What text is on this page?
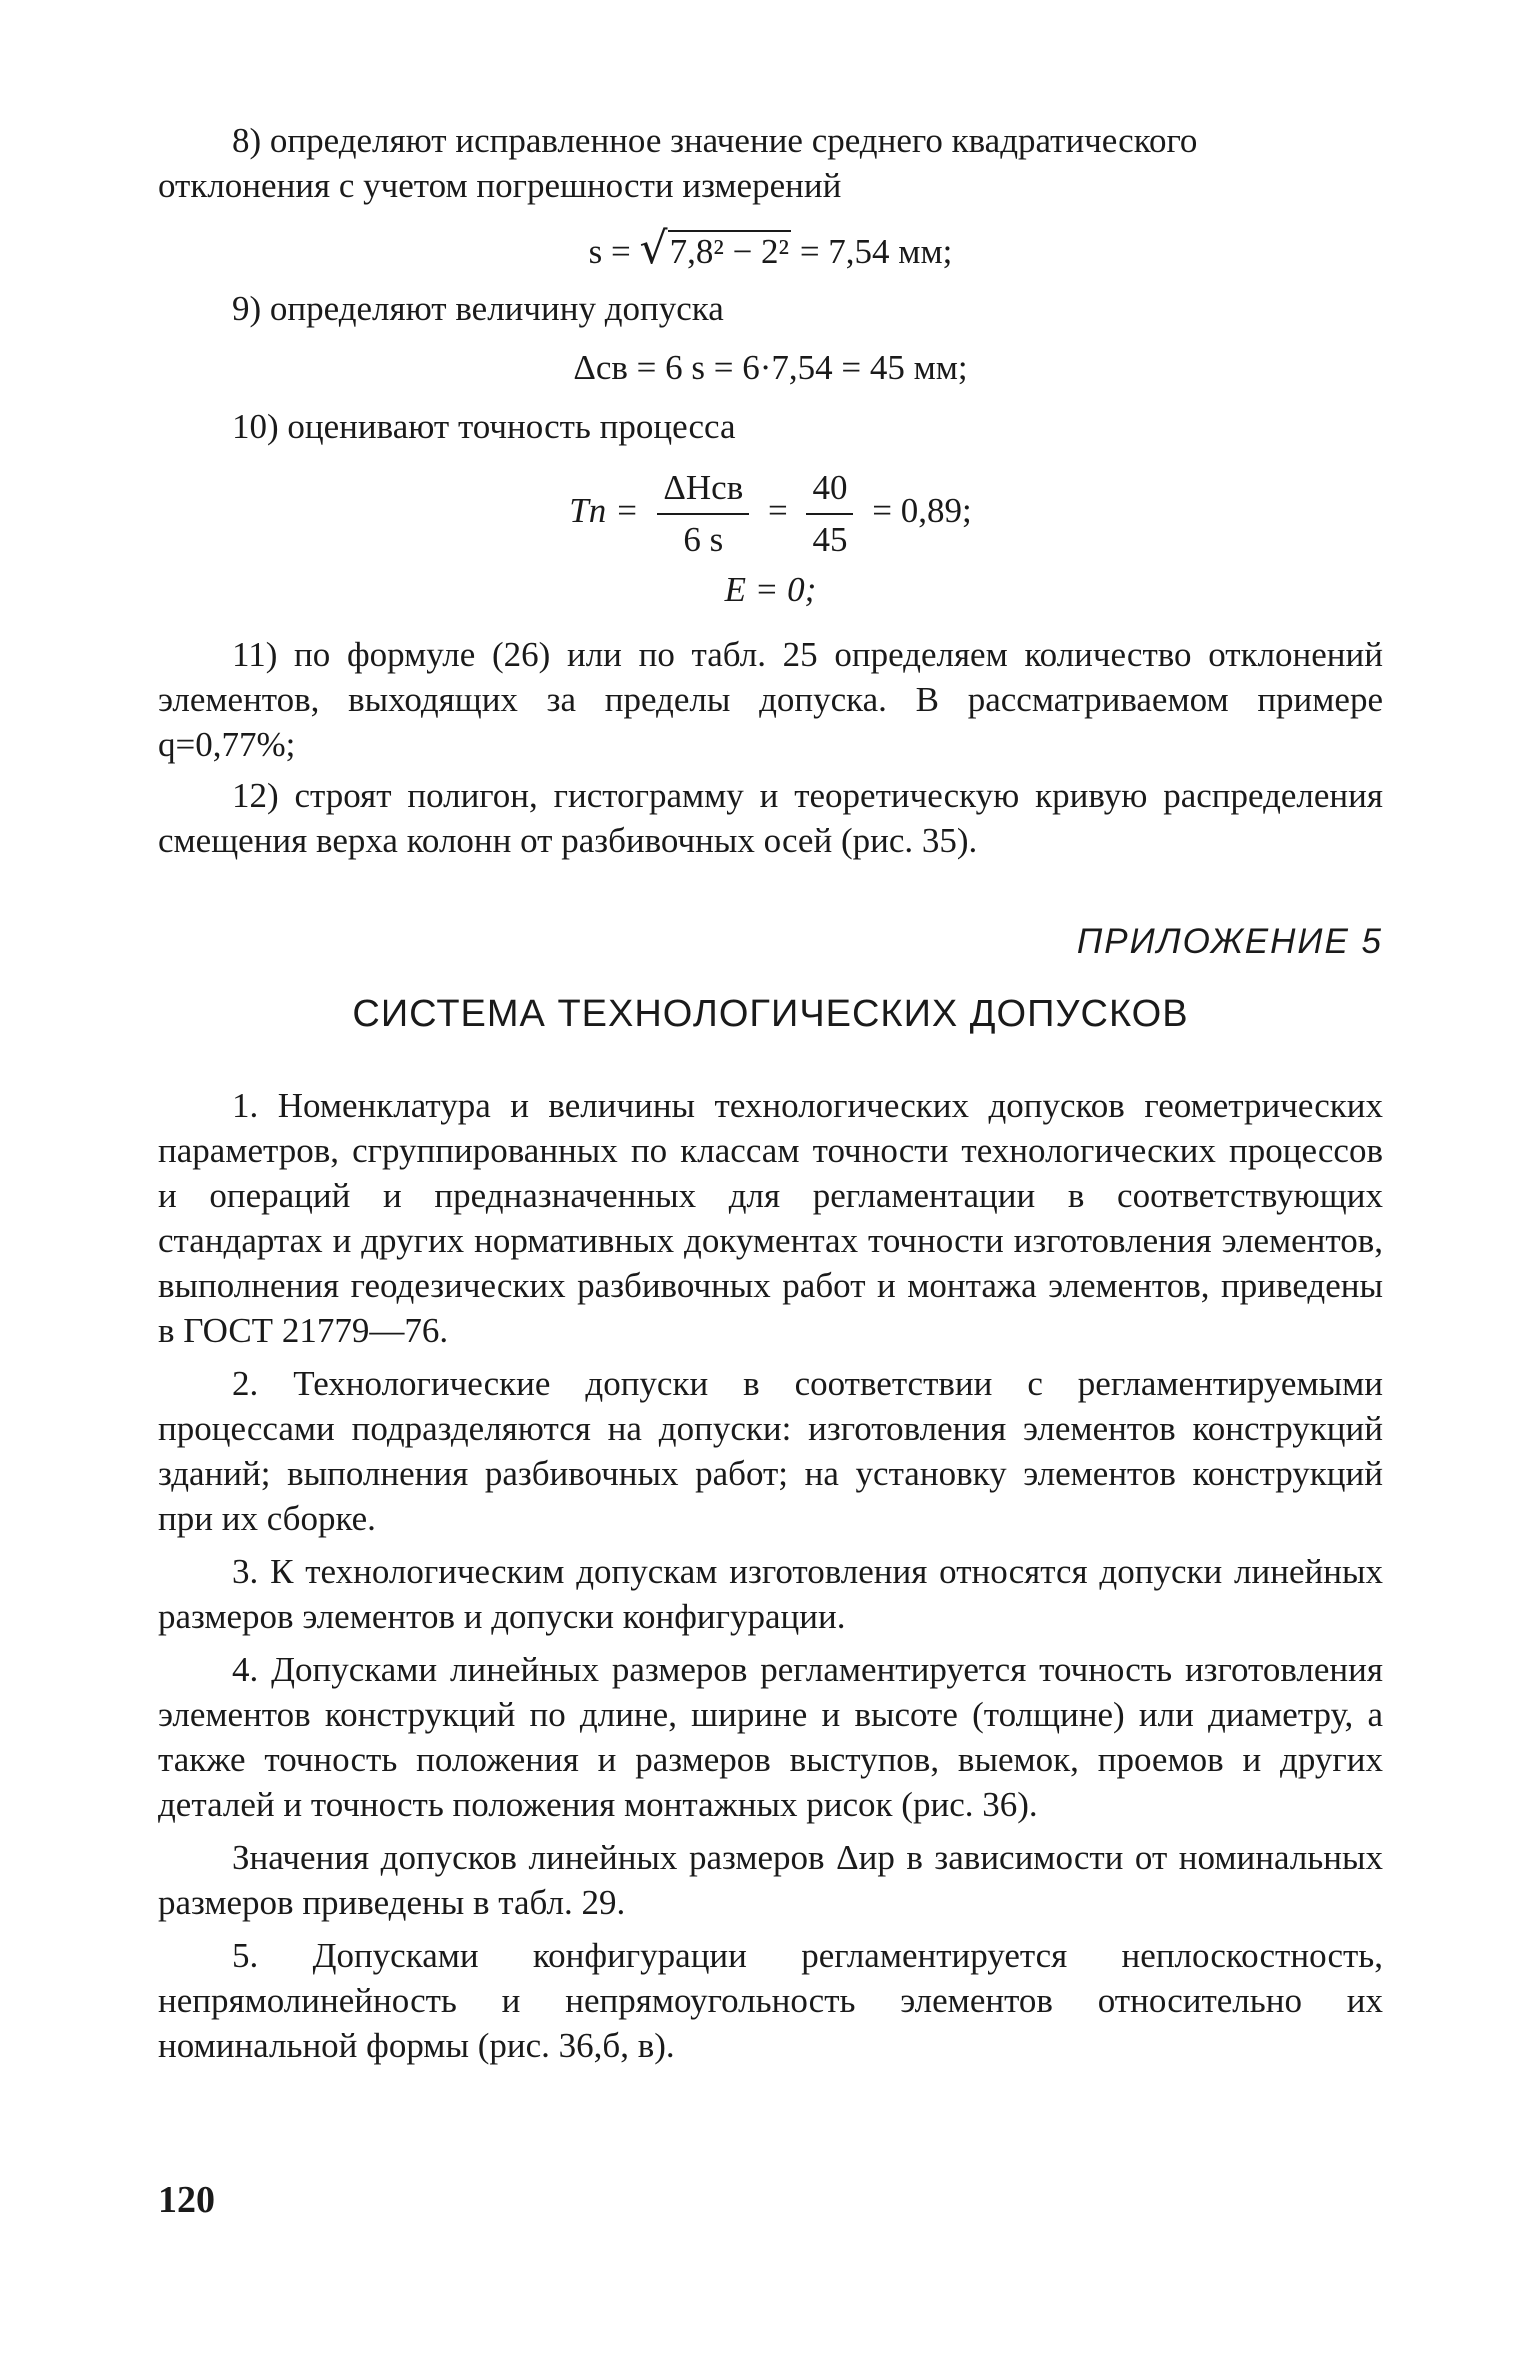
8) определяют исправленное значение среднего квадратического
отклонения с учетом погрешности измерений

s = √7,8² − 2² = 7,54 мм;

9) определяют величину допуска

Δсв = 6 s = 6·7,54 = 45 мм;

10) оценивают точность процесса

$Tn = \frac{\text{ΔНсв}}{6 s} = \frac{40}{45} = 0,89$;
E = 0;

11) по формуле (26) или по табл. 25 определяем количество отклонений элементов, выходящих за пределы допуска. В рассматриваемом примере q=0,77%;

12) строят полигон, гистограмму и теоретическую кривую распределения смещения верха колонн от разбивочных осей (рис. 35).

ПРИЛОЖЕНИЕ 5
СИСТЕМА ТЕХНОЛОГИЧЕСКИХ ДОПУСКОВ

1. Номенклатура и величины технологических допусков геометрических параметров, сгруппированных по классам точности технологических процессов и операций и предназначенных для регламентации в соответствующих стандартах и других нормативных документах точности изготовления элементов, выполнения геодезических разбивочных работ и монтажа элементов, приведены в ГОСТ 21779—76.

2. Технологические допуски в соответствии с регламентируемыми процессами подразделяются на допуски: изготовления элементов конструкций зданий; выполнения разбивочных работ; на установку элементов конструкций при их сборке.

3. К технологическим допускам изготовления относятся допуски линейных размеров элементов и допуски конфигурации.

4. Допусками линейных размеров регламентируется точность изготовления элементов конструкций по длине, ширине и высоте (толщине) или диаметру, а также точность положения и размеров выступов, выемок, проемов и других деталей и точность положения монтажных рисок (рис. 36).

Значения допусков линейных размеров Δир в зависимости от номинальных размеров приведены в табл. 29.

5. Допусками конфигурации регламентируется неплоскостность, непрямолинейность и непрямоугольность элементов относительно их номинальной формы (рис. 36,б, в).

120
